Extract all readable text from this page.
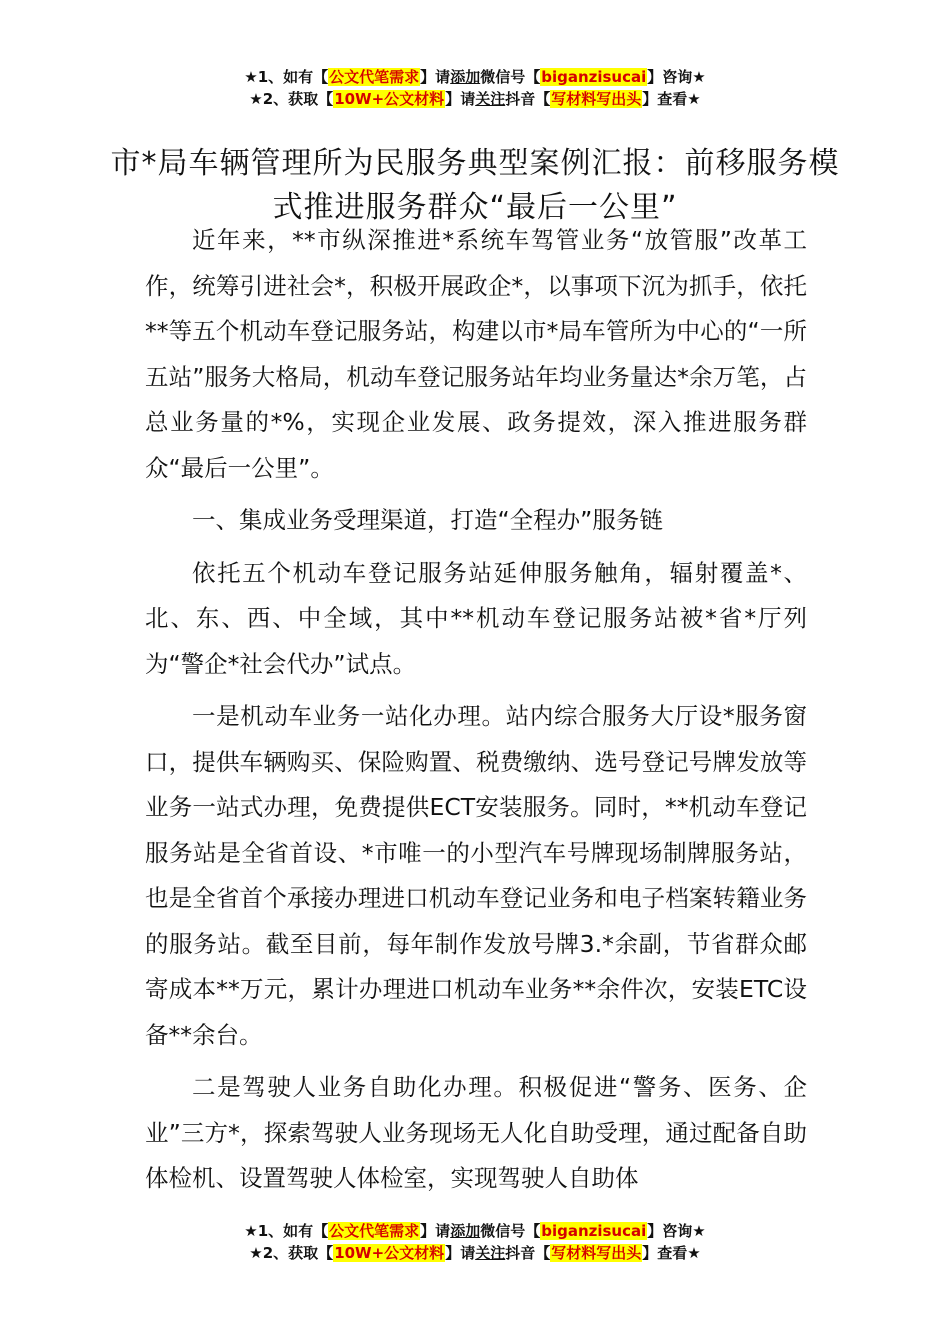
★1、如有【公文代笔需求】请添加微信号【biganzisucai】咨询★
★2、获取【10W+公文材料】请关注抖音【写材料写出头】查看★
市*局车辆管理所为民服务典型案例汇报：前移服务模式推进服务群众“最后一公里”

近年来，**市纵深推进*系统车驾管业务“放管服”改革工作，统筹引进社会*，积极开展政企*，以事项下沉为抓手，依托**等五个机动车登记服务站，构建以市*局车管所为中心的“一所五站”服务大格局，机动车登记服务站年均业务量达*余万笔，占总业务量的*%，实现企业发展、政务提效，深入推进服务群众“最后一公里”。

一、集成业务受理渠道，打造“全程办”服务链

依托五个机动车登记服务站延伸服务触角，辐射覆盖*、北、东、西、中全域，其中**机动车登记服务站被*省*厅列为“警企*社会代办”试点。

一是机动车业务一站化办理。站内综合服务大厅设*服务窗口，提供车辆购买、保险购置、税费缴纳、选号登记号牌发放等业务一站式办理，免费提供ECT安装服务。同时，**机动车登记服务站是全省首设、*市唯一的小型汽车号牌现场制牌服务站，也是全省首个承接办理进口机动车登记业务和电子档案转籍业务的服务站。截至目前，每年制作发放号牌3.*余副，节省群众邮寄成本**万元，累计办理进口机动车业务**余件次，安装ETC设备**余台。

二是驾驶人业务自助化办理。积极促进“警务、医务、企业”三方*，探索驾驶人业务现场无人化自助受理，通过配备自助体检机、设置驾驶人体检室，实现驾驶人自助体

★1、如有【公文代笔需求】请添加微信号【biganzisucai】咨询★
★2、获取【10W+公文材料】请关注抖音【写材料写出头】查看★
